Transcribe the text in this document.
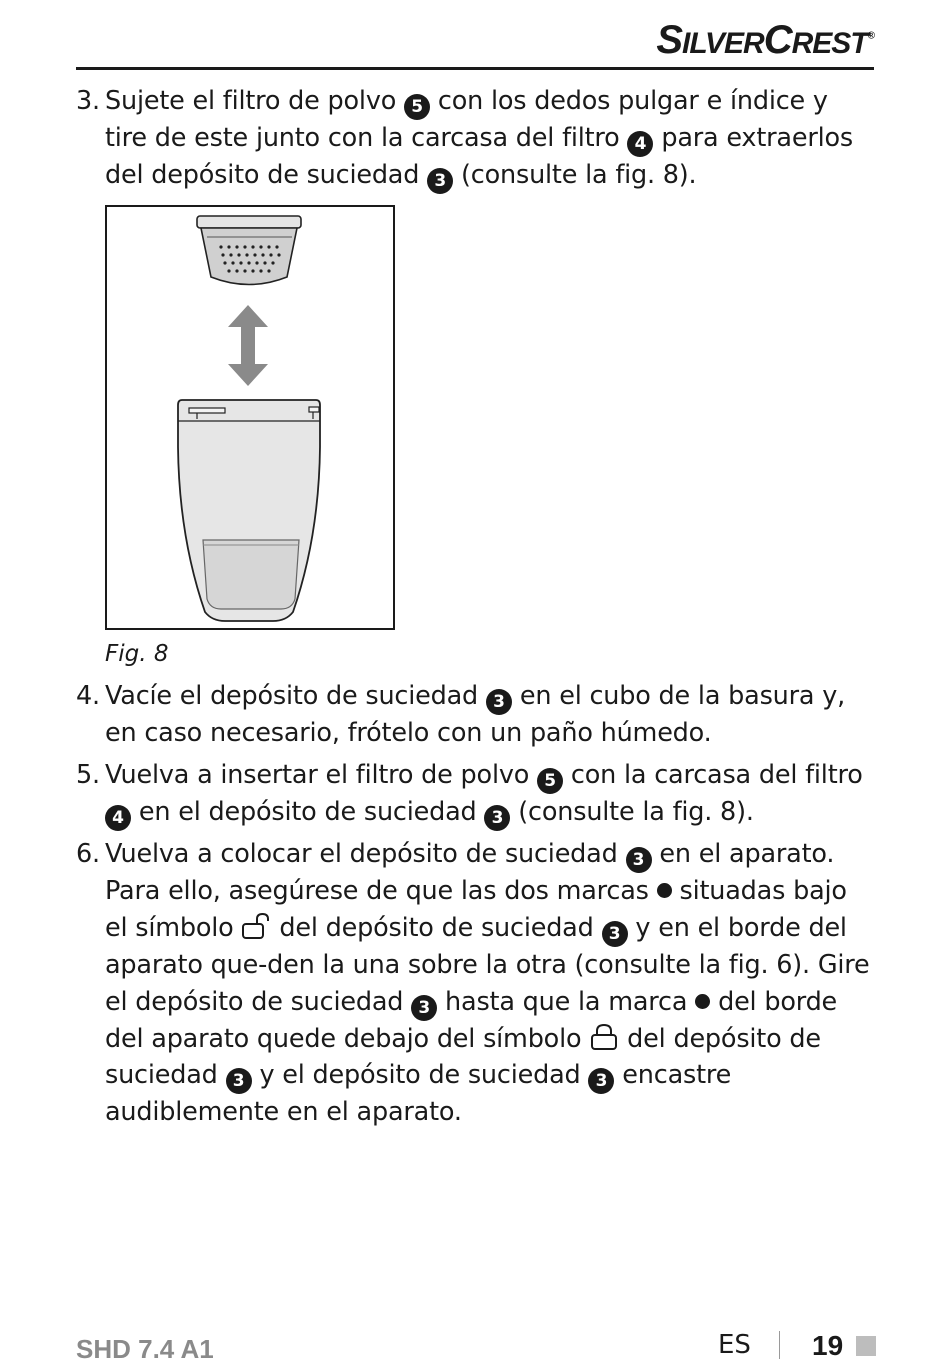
SILVERCREST®
3. Sujete el filtro de polvo 5 con los dedos pulgar e índice y tire de este junto con la carcasa del filtro 4 para extraerlos del depósito de suciedad 3 (consulte la fig. 8).
Fig. 8
4. Vacíe el depósito de suciedad 3 en el cubo de la basura y, en caso necesario, frótelo con un paño húmedo.
5. Vuelva a insertar el filtro de polvo 5 con la carcasa del filtro 4 en el depósito de suciedad 3 (consulte la fig. 8).
6. Vuelva a colocar el depósito de suciedad 3 en el aparato. Para ello, asegúrese de que las dos marcas  situadas bajo el símbolo  del depósito de suciedad 3 y en el borde del aparato que-den la una sobre la otra (consulte la fig. 6). Gire el depósito de suciedad 3 hasta que la marca  del borde del aparato quede debajo del símbolo  del depósito de suciedad 3 y el depósito de suciedad 3 encastre audiblemente en el aparato.
SHD 7.4 A1	ES 19
